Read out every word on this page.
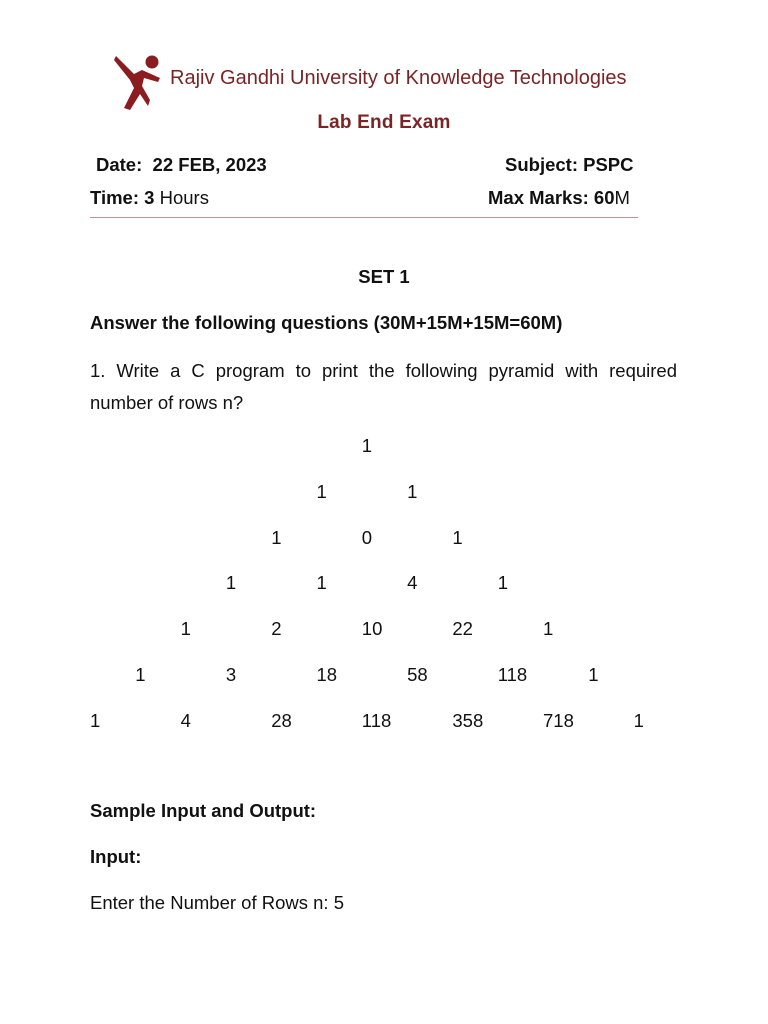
Rajiv Gandhi University of Knowledge Technologies
Lab End Exam
Date: 22 FEB, 2023	Subject: PSPC
Time: 3 Hours	Max Marks: 60M
SET 1
Answer the following questions (30M+15M+15M=60M)
1. Write a C program to print the following pyramid with required number of rows n?
1
1	1
1	0	1
1	1	4	1
1	2	10	22	1
1	3	18	58	118	1
1	4	28	118	358	718	1
Sample Input and Output:
Input:
Enter the Number of Rows n: 5
